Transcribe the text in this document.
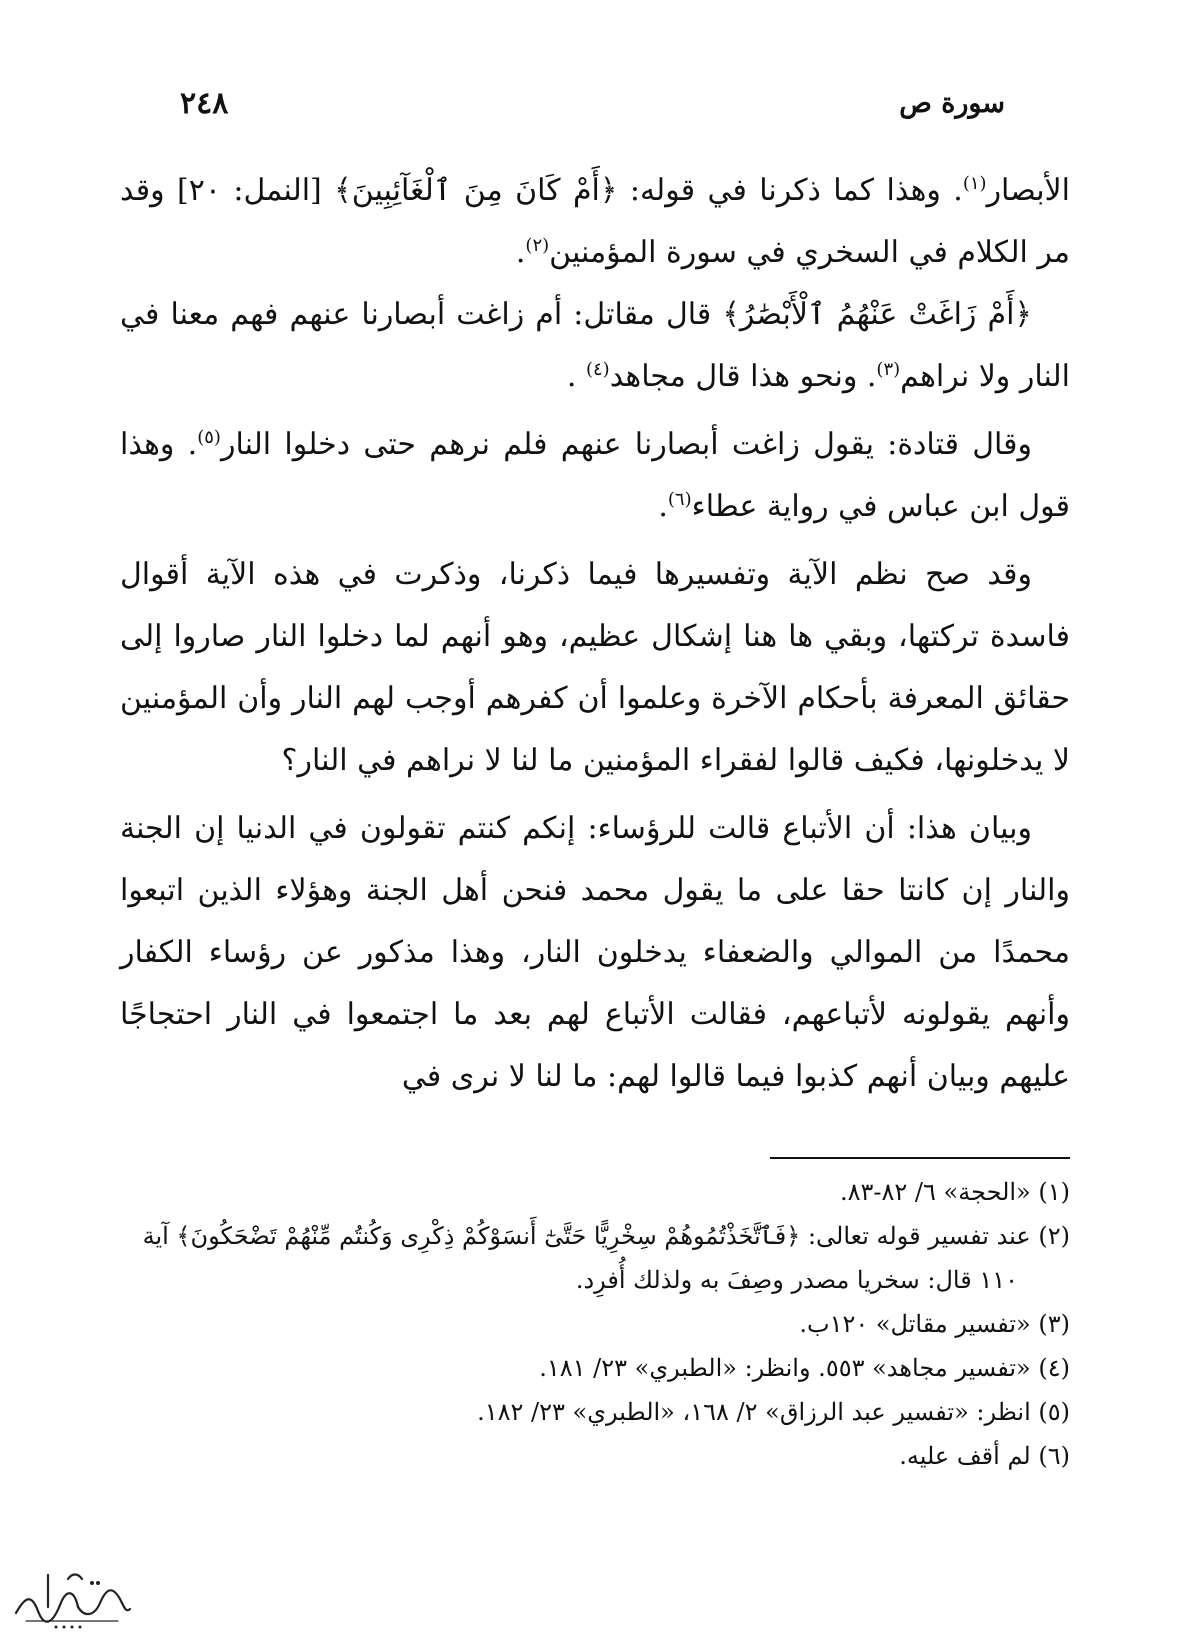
سورة ص
٢٤٨

الأبصار$^{(١)}$. وهذا كما ذكرنا في قوله: ﴿أَمْ كَانَ مِنَ ٱلْغَآئِبِينَ﴾ [النمل: ٢٠] وقد مر الكلام في السخري في سورة المؤمنين$^{(٢)}$.

﴿أَمْ زَاغَتْ عَنْهُمُ ٱلْأَبْصَٰرُ﴾ قال مقاتل: أم زاغت أبصارنا عنهم فهم معنا في النار ولا نراهم$^{(٣)}$. ونحو هذا قال مجاهد$^{(٤)}$ .

وقال قتادة: يقول زاغت أبصارنا عنهم فلم نرهم حتى دخلوا النار$^{(٥)}$. وهذا قول ابن عباس في رواية عطاء$^{(٦)}$.

وقد صح نظم الآية وتفسيرها فيما ذكرنا، وذكرت في هذه الآية أقوال فاسدة تركتها، وبقي ها هنا إشكال عظيم، وهو أنهم لما دخلوا النار صاروا إلى حقائق المعرفة بأحكام الآخرة وعلموا أن كفرهم أوجب لهم النار وأن المؤمنين لا يدخلونها، فكيف قالوا لفقراء المؤمنين ما لنا لا نراهم في النار؟

وبيان هذا: أن الأتباع قالت للرؤساء: إنكم كنتم تقولون في الدنيا إن الجنة والنار إن كانتا حقا على ما يقول محمد فنحن أهل الجنة وهؤلاء الذين اتبعوا محمدًا من الموالي والضعفاء يدخلون النار، وهذا مذكور عن رؤساء الكفار وأنهم يقولونه لأتباعهم، فقالت الأتباع لهم بعد ما اجتمعوا في النار احتجاجًا عليهم وبيان أنهم كذبوا فيما قالوا لهم: ما لنا لا نرى في

(١) «الحجة» ٦/ ٨٢-٨٣.

(٢) عند تفسير قوله تعالى: ﴿فَٱتَّخَذْتُمُوهُمْ سِخْرِيًّا حَتَّىٰٓ أَنسَوْكُمْ ذِكْرِى وَكُنتُم مِّنْهُمْ تَضْحَكُونَ﴾ آية

١١٠ قال: سخريا مصدر وصِفَ به ولذلك أُفرِد.

(٣) «تفسير مقاتل» ١٢٠ب.

(٤) «تفسير مجاهد» ٥٥٣. وانظر: «الطبري» ٢٣/ ١٨١.

(٥) انظر: «تفسير عبد الرزاق» ٢/ ١٦٨، «الطبري» ٢٣/ ١٨٢.

(٦) لم أقف عليه.
